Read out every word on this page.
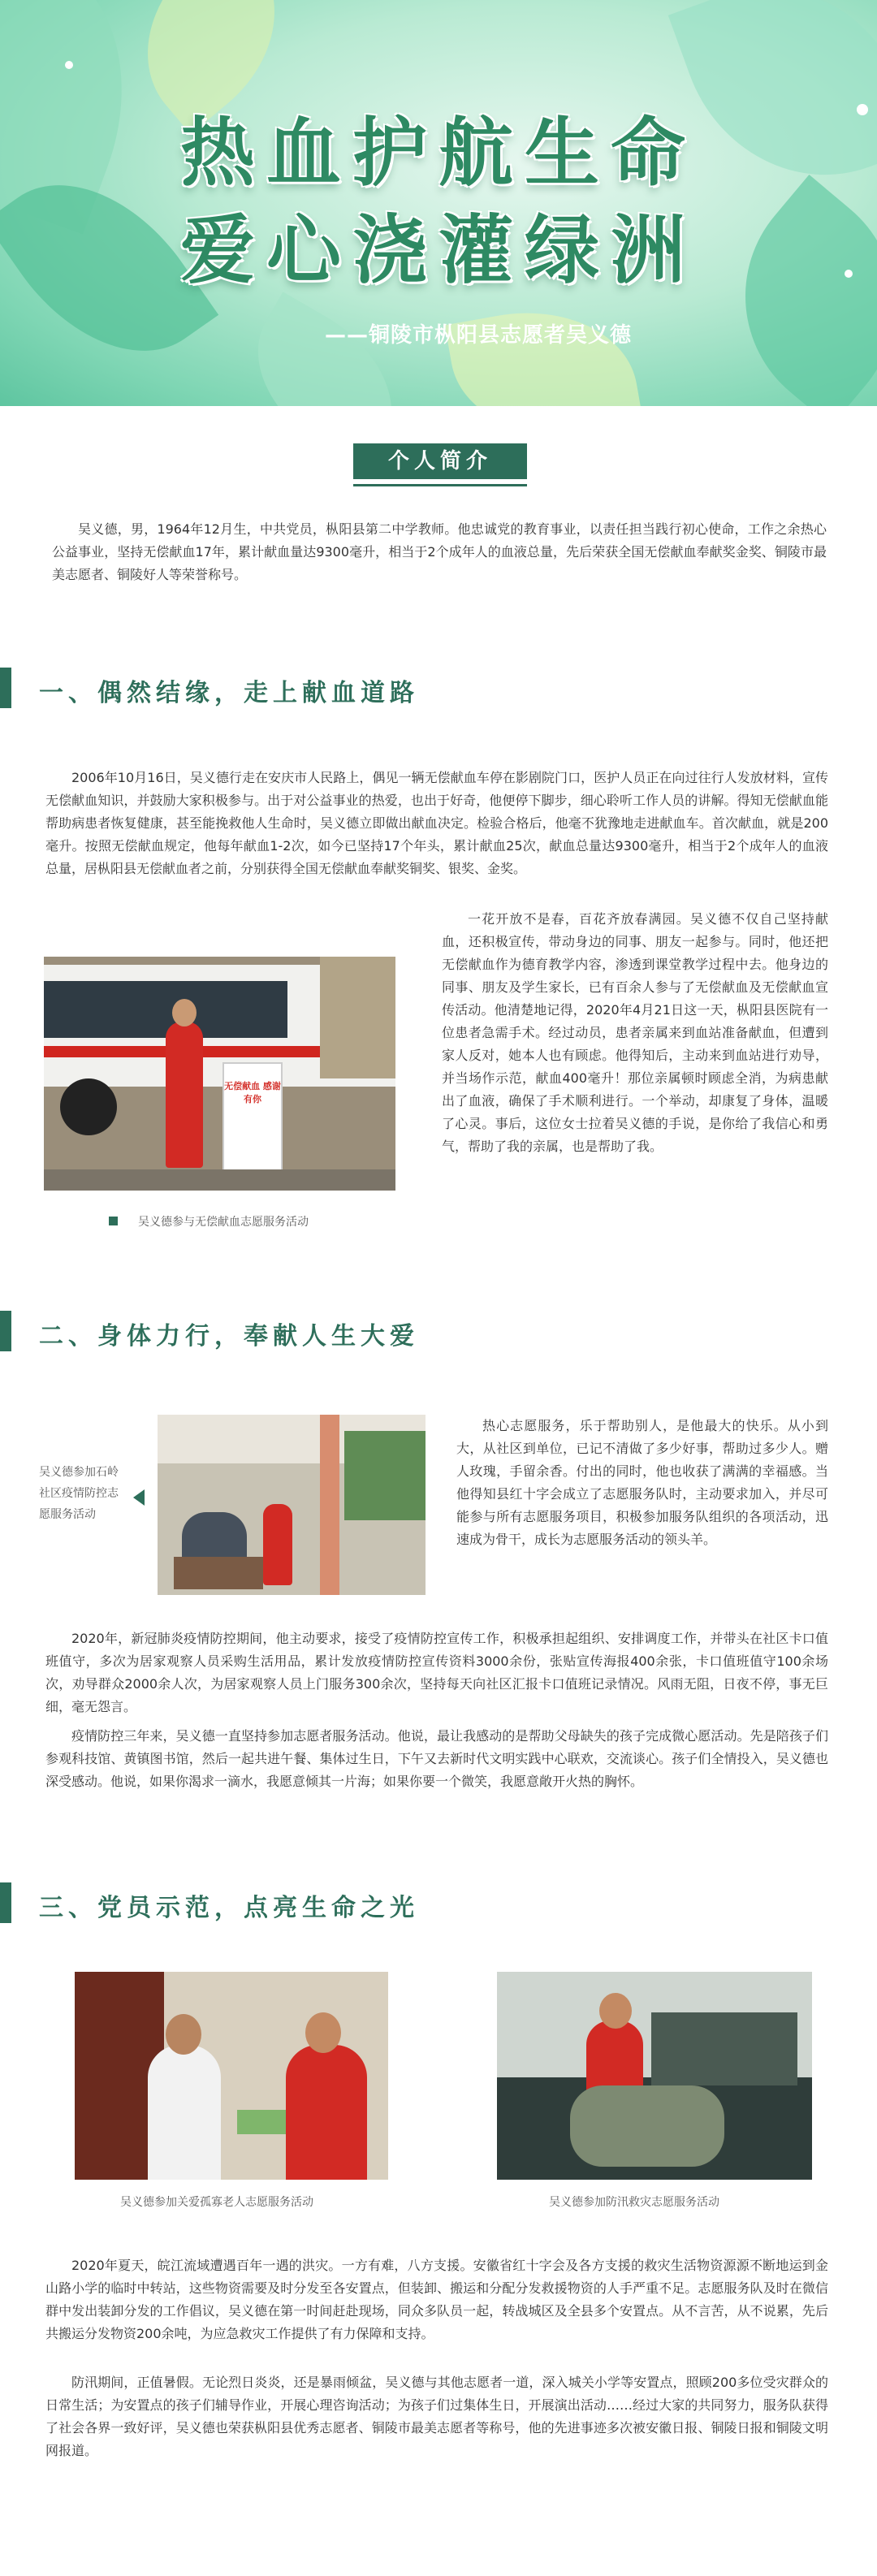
热血护航生命
爱心浇灌绿洲
——铜陵市枞阳县志愿者吴义德
个人简介

吴义德，男，1964年12月生，中共党员，枞阳县第二中学教师。他忠诚党的教育事业，以责任担当践行初心使命，工作之余热心公益事业，坚持无偿献血17年，累计献血量达9300毫升，相当于2个成年人的血液总量，先后荣获全国无偿献血奉献奖金奖、铜陵市最美志愿者、铜陵好人等荣誉称号。

一、偶然结缘，走上献血道路

2006年10月16日，吴义德行走在安庆市人民路上，偶见一辆无偿献血车停在影剧院门口，医护人员正在向过往行人发放材料，宣传无偿献血知识，并鼓励大家积极参与。出于对公益事业的热爱，也出于好奇，他便停下脚步，细心聆听工作人员的讲解。得知无偿献血能帮助病患者恢复健康，甚至能挽救他人生命时，吴义德立即做出献血决定。检验合格后，他毫不犹豫地走进献血车。首次献血，就是200毫升。按照无偿献血规定，他每年献血1-2次，如今已坚持17个年头，累计献血25次，献血总量达9300毫升，相当于2个成年人的血液总量，居枞阳县无偿献血者之前，分别获得全国无偿献血奉献奖铜奖、银奖、金奖。

无偿献血 感谢有你
吴义德参与无偿献血志愿服务活动

一花开放不是春，百花齐放春满园。吴义德不仅自己坚持献血，还积极宣传，带动身边的同事、朋友一起参与。同时，他还把无偿献血作为德育教学内容，渗透到课堂教学过程中去。他身边的同事、朋友及学生家长，已有百余人参与了无偿献血及无偿献血宣传活动。他清楚地记得，2020年4月21日这一天，枞阳县医院有一位患者急需手术。经过动员，患者亲属来到血站准备献血，但遭到家人反对，她本人也有顾虑。他得知后，主动来到血站进行劝导，并当场作示范，献血400毫升！那位亲属顿时顾虑全消，为病患献出了血液，确保了手术顺利进行。一个举动，却康复了身体，温暖了心灵。事后，这位女士拉着吴义德的手说，是你给了我信心和勇气，帮助了我的亲属，也是帮助了我。

二、身体力行，奉献人生大爱
吴义德参加石岭社区疫情防控志愿服务活动

热心志愿服务，乐于帮助别人，是他最大的快乐。从小到大，从社区到单位，已记不清做了多少好事，帮助过多少人。赠人玫瑰，手留余香。付出的同时，他也收获了满满的幸福感。当他得知县红十字会成立了志愿服务队时，主动要求加入，并尽可能参与所有志愿服务项目，积极参加服务队组织的各项活动，迅速成为骨干，成长为志愿服务活动的领头羊。

2020年，新冠肺炎疫情防控期间，他主动要求，接受了疫情防控宣传工作，积极承担起组织、安排调度工作，并带头在社区卡口值班值守，多次为居家观察人员采购生活用品，累计发放疫情防控宣传资料3000余份，张贴宣传海报400余张，卡口值班值守100余场次，劝导群众2000余人次，为居家观察人员上门服务300余次，坚持每天向社区汇报卡口值班记录情况。风雨无阻，日夜不停，事无巨细，毫无怨言。

疫情防控三年来，吴义德一直坚持参加志愿者服务活动。他说，最让我感动的是帮助父母缺失的孩子完成微心愿活动。先是陪孩子们参观科技馆、黄镇图书馆，然后一起共进午餐、集体过生日，下午又去新时代文明实践中心联欢，交流谈心。孩子们全情投入，吴义德也深受感动。他说，如果你渴求一滴水，我愿意倾其一片海；如果你要一个微笑，我愿意敞开火热的胸怀。

三、党员示范，点亮生命之光
吴义德参加关爱孤寡老人志愿服务活动	吴义德参加防汛救灾志愿服务活动

2020年夏天，皖江流域遭遇百年一遇的洪灾。一方有难，八方支援。安徽省红十字会及各方支援的救灾生活物资源源不断地运到金山路小学的临时中转站，这些物资需要及时分发至各安置点，但装卸、搬运和分配分发救援物资的人手严重不足。志愿服务队及时在微信群中发出装卸分发的工作倡议，吴义德在第一时间赶赴现场，同众多队员一起，转战城区及全县多个安置点。从不言苦，从不说累，先后共搬运分发物资200余吨，为应急救灾工作提供了有力保障和支持。

防汛期间，正值暑假。无论烈日炎炎，还是暴雨倾盆，吴义德与其他志愿者一道，深入城关小学等安置点，照顾200多位受灾群众的日常生活；为安置点的孩子们辅导作业，开展心理咨询活动；为孩子们过集体生日，开展演出活动……经过大家的共同努力，服务队获得了社会各界一致好评，吴义德也荣获枞阳县优秀志愿者、铜陵市最美志愿者等称号，他的先进事迹多次被安徽日报、铜陵日报和铜陵文明网报道。
